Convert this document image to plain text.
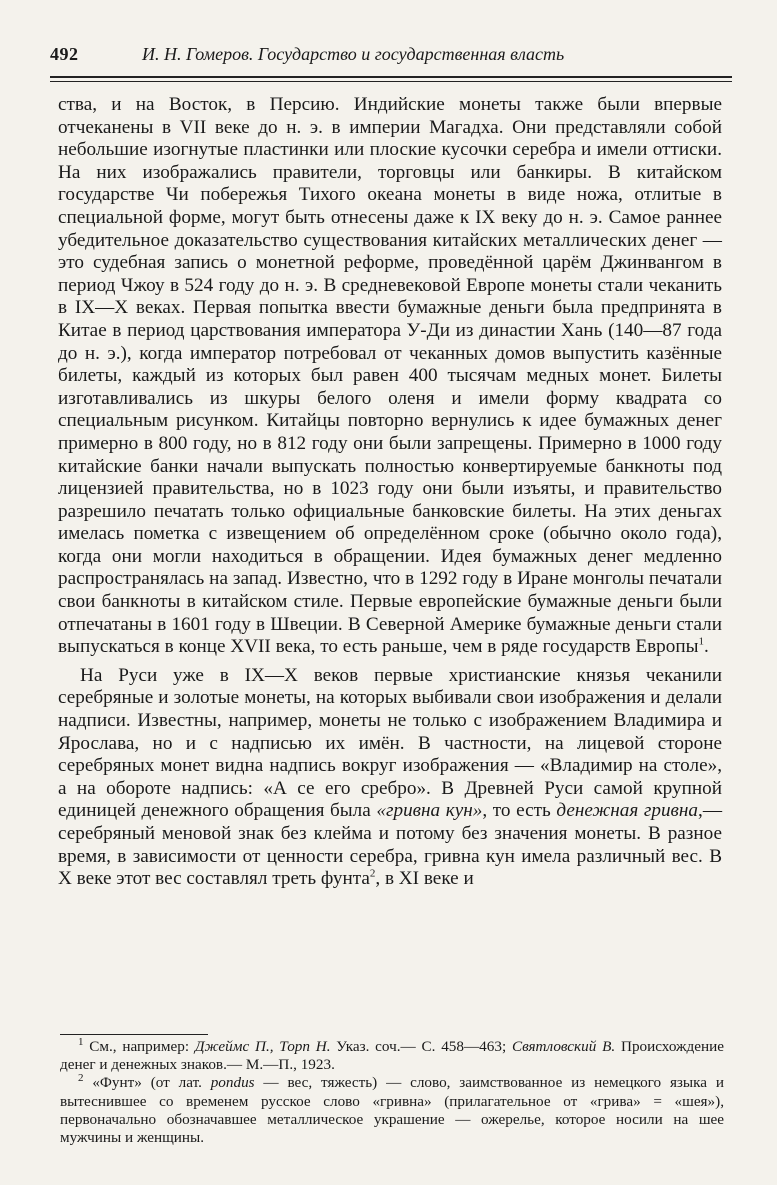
492	И. Н. Гомеров. Государство и государственная власть

ства, и на Восток, в Персию. Индийские монеты также были впервые отчеканены в VII веке до н. э. в империи Магадха. Они представляли собой небольшие изогнутые пластинки или плоские кусочки серебра и имели оттиски. На них изображались правители, торговцы или банкиры. В китайском государстве Чи побережья Тихого океана монеты в виде ножа, отлитые в специальной форме, могут быть отнесены даже к IX веку до н. э. Самое раннее убедительное доказательство существования китайских металлических денег — это судебная запись о монетной реформе, проведённой царём Джинвангом в период Чжоу в 524 году до н. э. В средневековой Европе монеты стали чеканить в IX—X веках. Первая попытка ввести бумажные деньги была предпринята в Китае в период царствования императора У-Ди из династии Хань (140—87 года до н. э.), когда император потребовал от чеканных домов выпустить казённые билеты, каждый из которых был равен 400 тысячам медных монет. Билеты изготавливались из шкуры белого оленя и имели форму квадрата со специальным рисунком. Китайцы повторно вернулись к идее бумажных денег примерно в 800 году, но в 812 году они были запрещены. Примерно в 1000 году китайские банки начали выпускать полностью конвертируемые банкноты под лицензией правительства, но в 1023 году они были изъяты, и правительство разрешило печатать только официальные банковские билеты. На этих деньгах имелась пометка с извещением об определённом сроке (обычно около года), когда они могли находиться в обращении. Идея бумажных денег медленно распространялась на запад. Известно, что в 1292 году в Иране монголы печатали свои банкноты в китайском стиле. Первые европейские бумажные деньги были отпечатаны в 1601 году в Швеции. В Северной Америке бумажные деньги стали выпускаться в конце XVII века, то есть раньше, чем в ряде государств Европы$^1$.

На Руси уже в IX—X веков первые христианские князья чеканили серебряные и золотые монеты, на которых выбивали свои изображения и делали надписи. Известны, например, монеты не только с изображением Владимира и Ярослава, но и с надписью их имён. В частности, на лицевой стороне серебряных монет видна надпись вокруг изображения — «Владимир на столе», а на обороте надпись: «А се его сребро». В Древней Руси самой крупной единицей денежного обращения была «гривна кун», то есть денежная гривна,— серебряный меновой знак без клейма и потому без значения монеты. В разное время, в зависимости от ценности серебра, гривна кун имела различный вес. В X веке этот вес составлял треть фунта$^2$, в XI веке и

$^1$ См., например: Джеймс П., Торп Н. Указ. соч.— С. 458—463; Святловский В. Происхождение денег и денежных знаков.— М.—П., 1923.

$^2$ «Фунт» (от лат. pondus — вес, тяжесть) — слово, заимствованное из немецкого языка и вытеснившее со временем русское слово «гривна» (прилагательное от «грива» = «шея»), первоначально обозначавшее металлическое украшение — ожерелье, которое носили на шее мужчины и женщины.
